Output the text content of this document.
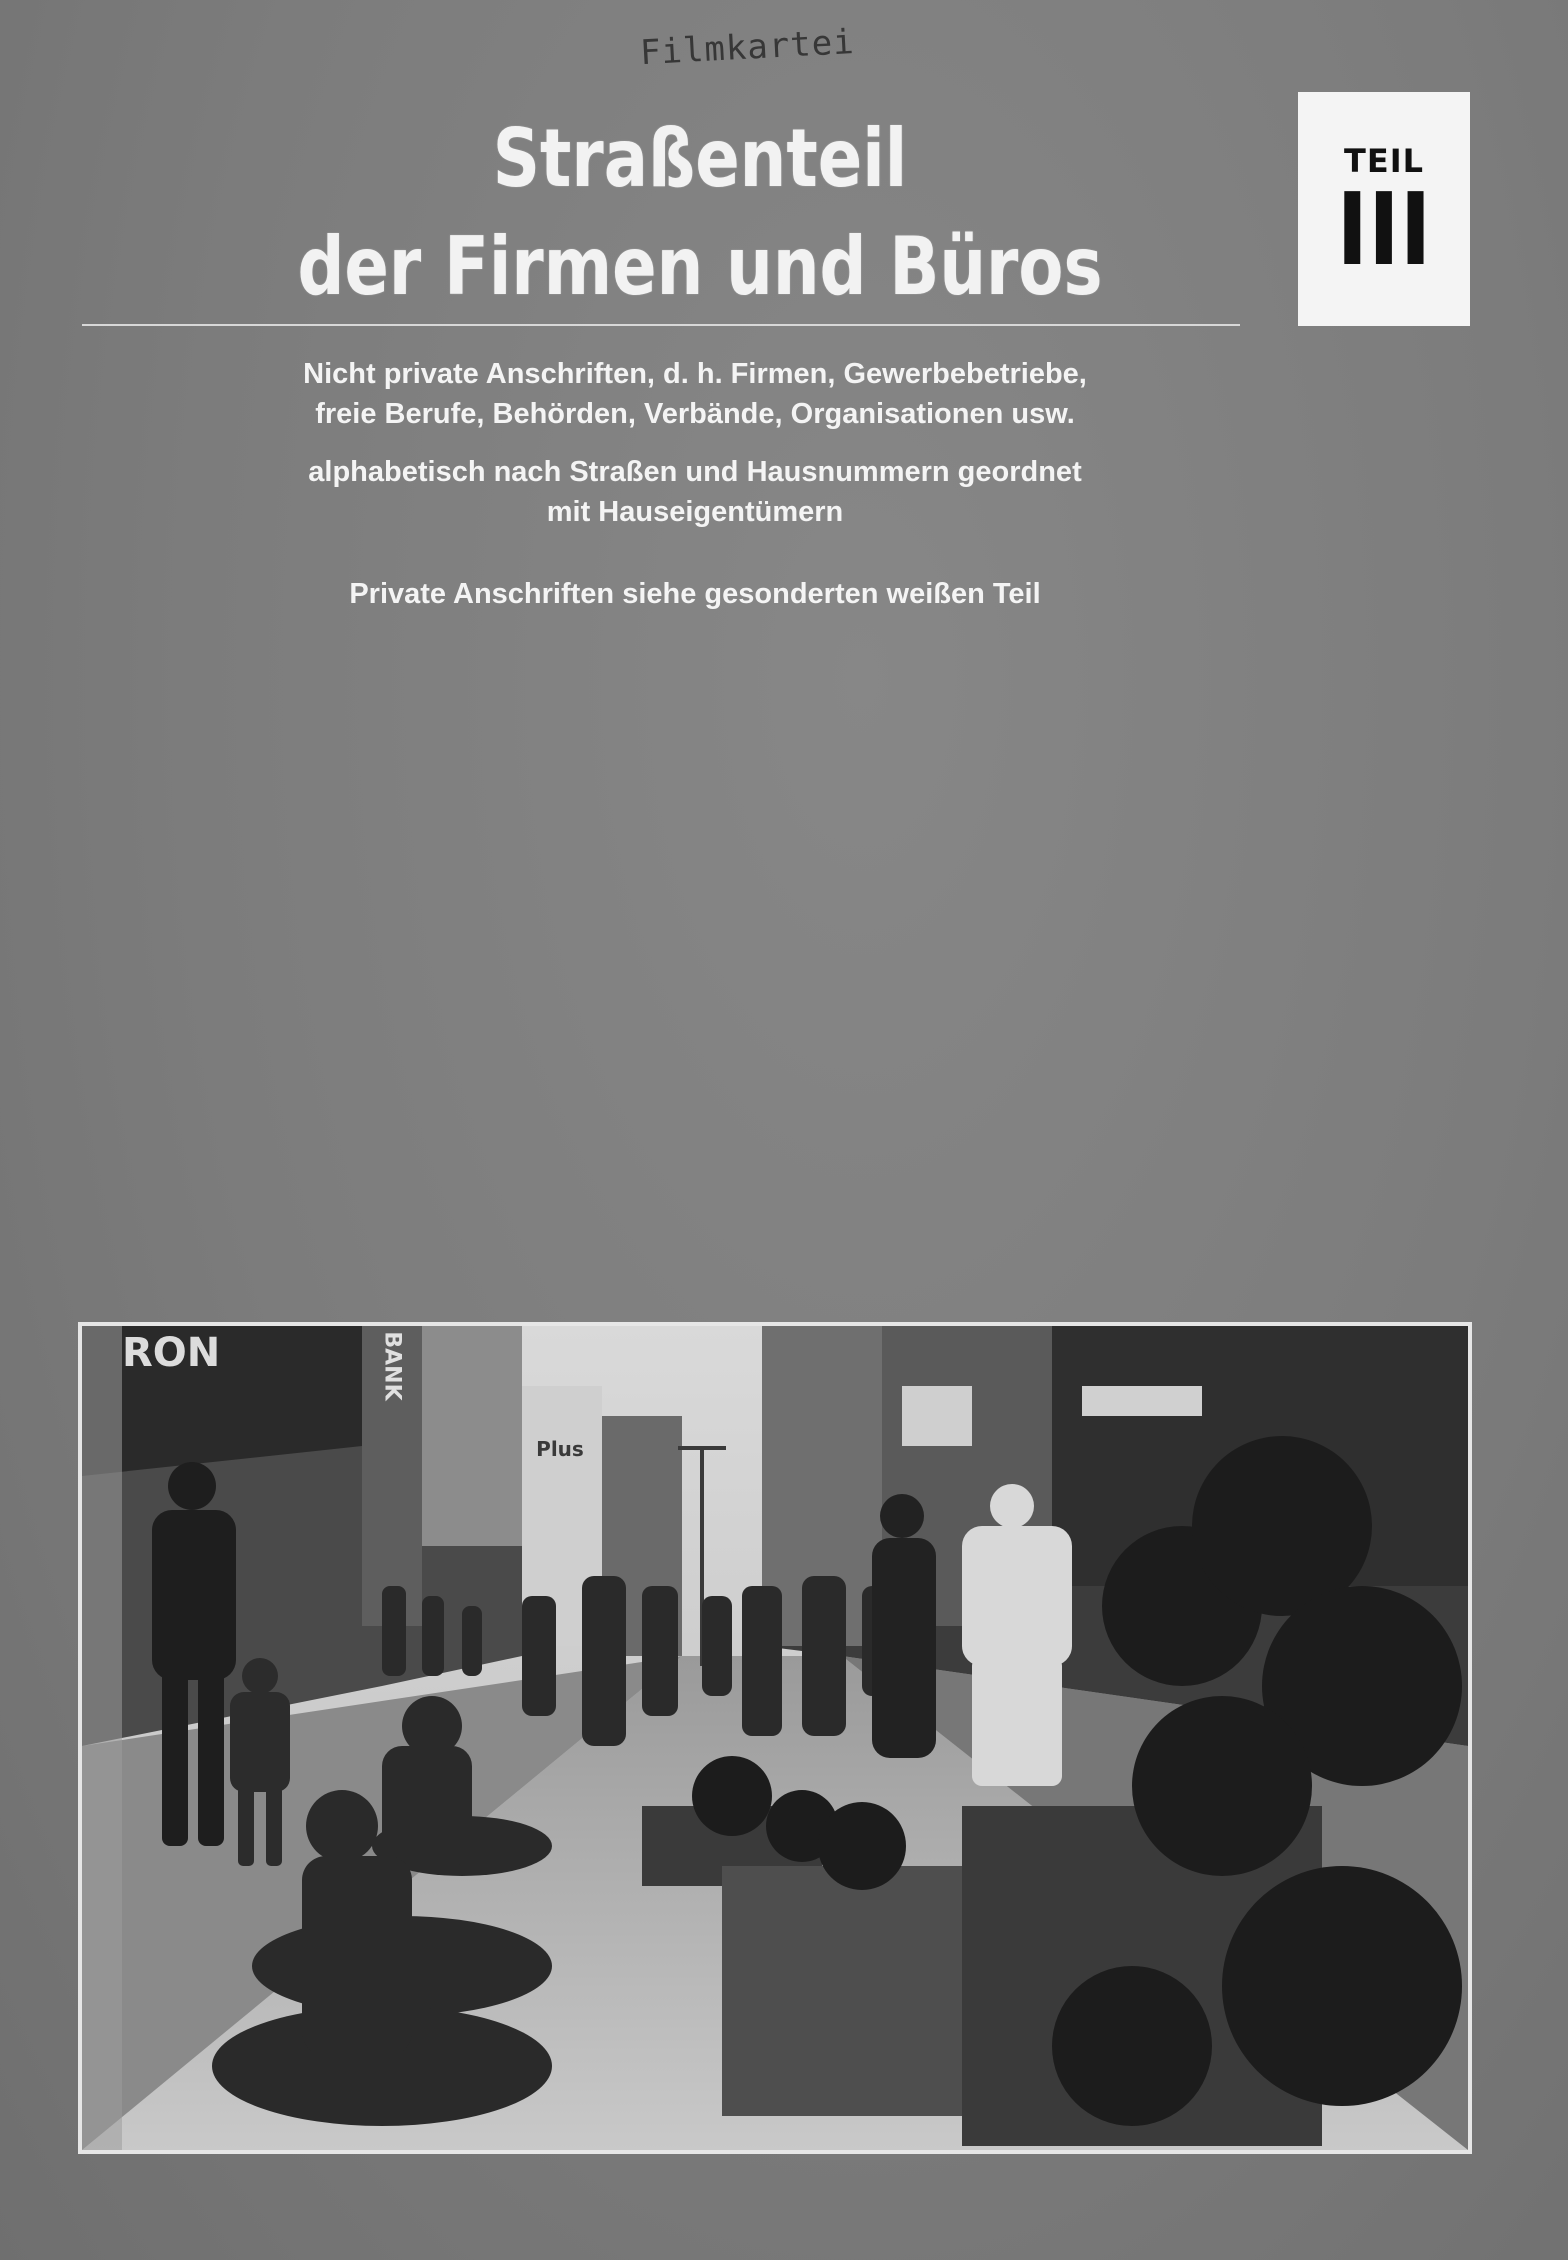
Filmkartei
Straßenteil
der Firmen und Büros
TEIL
III
Nicht private Anschriften, d. h. Firmen, Gewerbebetriebe,
freie Berufe, Behörden, Verbände, Organisationen usw.
alphabetisch nach Straßen und Hausnummern geordnet
mit Hauseigentümern
Private Anschriften siehe gesonderten weißen Teil
BANK
Plus
RON
